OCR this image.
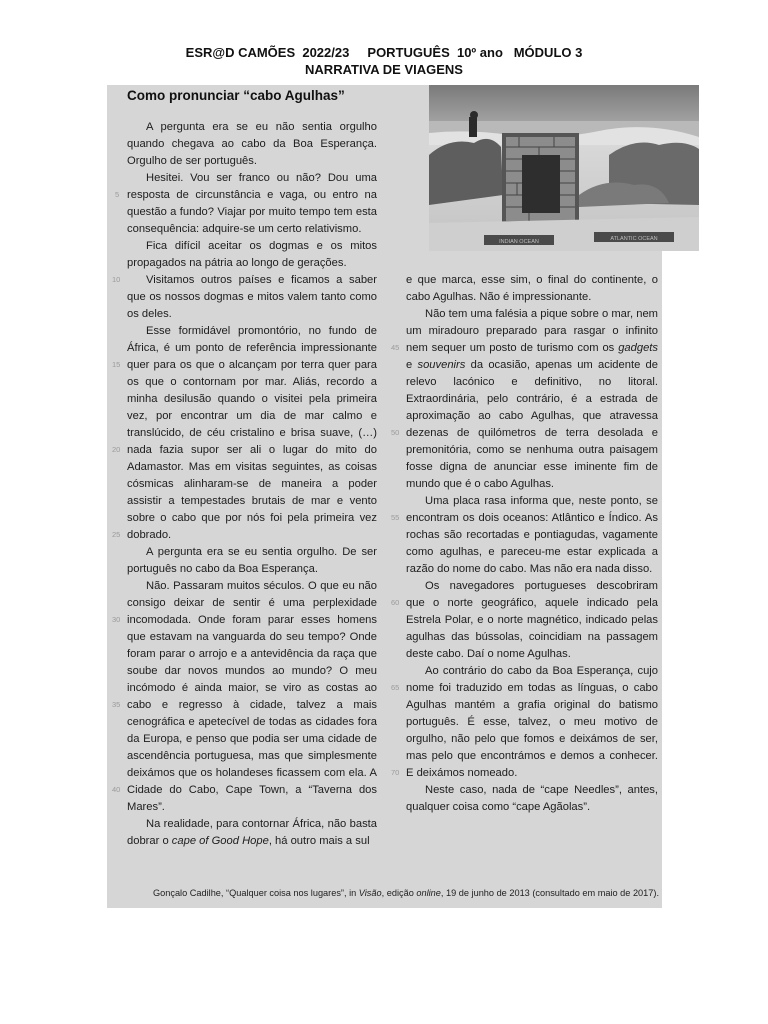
ESR@D CAMÕES  2022/23     PORTUGUÊS  10º ano   MÓDULO 3
NARRATIVA DE VIAGENS
INDIAN OCEAN	ATLANTIC OCEAN
Como pronunciar “cabo Agulhas”

A pergunta era se eu não sentia orgulho quando chegava ao cabo da Boa Esperança. Orgulho de ser português.

Hesitei. Vou ser franco ou não? Dou uma resposta de circunstância e vaga, ou entro na questão a fundo? Viajar por muito tempo tem esta consequência: adquire-se um certo relativismo.

Fica difícil aceitar os dogmas e os mitos propagados na pátria ao longo de gerações.

Visitamos outros países e ficamos a saber que os nossos dogmas e mitos valem tanto como os deles.

Esse formidável promontório, no fundo de África, é um ponto de referência impressionante quer para os que o alcançam por terra quer para os que o contornam por mar. Aliás, recordo a minha desilusão quando o visitei pela primeira vez, por encontrar um dia de mar calmo e translúcido, de céu cristalino e brisa suave, (…) nada fazia supor ser ali o lugar do mito do Adamastor. Mas em visitas seguintes, as coisas cósmicas alinharam-se de maneira a poder assistir a tempestades brutais de mar e vento sobre o cabo que por nós foi pela primeira vez dobrado.

A pergunta era se eu sentia orgulho. De ser português no cabo da Boa Esperança.

Não. Passaram muitos séculos. O que eu não consigo deixar de sentir é uma perplexidade incomodada. Onde foram parar esses homens que estavam na vanguarda do seu tempo? Onde foram parar o arrojo e a antevidência da raça que soube dar novos mundos ao mundo? O meu incómodo é ainda maior, se viro as costas ao cabo e regresso à cidade, talvez a mais cenográfica e apetecível de todas as cidades fora da Europa, e penso que podia ser uma cidade de ascendência portuguesa, mas que simplesmente deixámos que os holandeses ficassem com ela. A Cidade do Cabo, Cape Town, a “Taverna dos Mares”.

Na realidade, para contornar África, não basta dobrar o cape of Good Hope, há outro mais a sul

e que marca, esse sim, o final do continente, o cabo Agulhas. Não é impressionante.

Não tem uma falésia a pique sobre o mar, nem um miradouro preparado para rasgar o infinito nem sequer um posto de turismo com os gadgets e souvenirs da ocasião, apenas um acidente de relevo lacónico e definitivo, no litoral. Extraordinária, pelo contrário, é a estrada de aproximação ao cabo Agulhas, que atravessa dezenas de quilómetros de terra desolada e premonitória, como se nenhuma outra paisagem fosse digna de anunciar esse iminente fim de mundo que é o cabo Agulhas.

Uma placa rasa informa que, neste ponto, se encontram os dois oceanos: Atlântico e Índico. As rochas são recortadas e pontiagudas, vagamente como agulhas, e pareceu-me estar explicada a razão do nome do cabo. Mas não era nada disso.

Os navegadores portugueses descobriram que o norte geográfico, aquele indicado pela Estrela Polar, e o norte magnético, indicado pelas agulhas das bússolas, coincidiam na passagem deste cabo. Daí o nome Agulhas.

Ao contrário do cabo da Boa Esperança, cujo nome foi traduzido em todas as línguas, o cabo Agulhas mantém a grafia original do batismo português. É esse, talvez, o meu motivo de orgulho, não pelo que fomos e deixámos de ser, mas pelo que encontrámos e demos a conhecer. E deixámos nomeado.

Neste caso, nada de “cape Needles”, antes, qualquer coisa como “cape Agãolas”.

5
10
15
20
25
30
35
40
45
50
55
60
65
70
Gonçalo Cadilhe, “Qualquer coisa nos lugares”, in Visão, edição online, 19 de junho de 2013 (consultado em maio de 2017).
